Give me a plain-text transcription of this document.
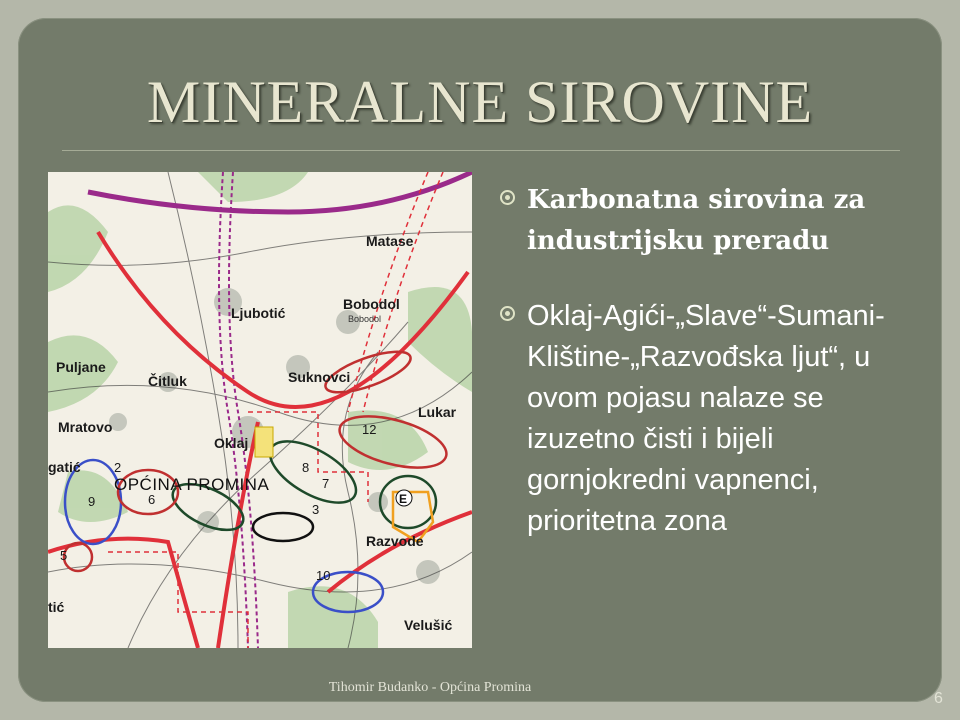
MINERALNE SIROVINE
Matase
Bobodol
Ljubotić
Puljane
Čitluk	Suknovci
Lukar
Mratovo
Oklaj
gatić
Razvode
Velušić
tić
OPĆINA PROMINA
Bobodol
2
3
5
6
7
8
9
10
12
E
Karbonatna sirovina za industrijsku preradu
Oklaj-Agići-„Slave“-Sumani-Klištine-„Razvođska ljut“, u ovom pojasu nalaze se izuzetno čisti i bijeli gornjokredni vapnenci, prioritetna zona
Tihomir Budanko - Općina Promina
6
